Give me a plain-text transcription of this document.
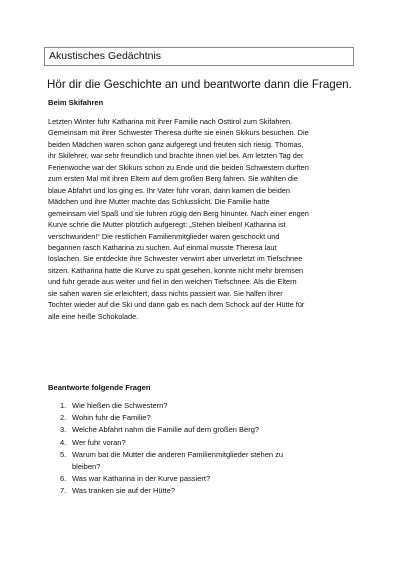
Akustisches Gedächtnis
Hör dir die Geschichte an und beantworte dann die Fragen.
Beim Skifahren
Letzten Winter fuhr Katharina mit ihrer Familie nach Osttirol zum Skifahren.
Gemeinsam mit ihrer Schwester Theresa durfte sie einen Skikurs besuchen. Die
beiden Mädchen waren schon ganz aufgeregt und freuten sich riesig. Thomas,
ihr Skilehrer, war sehr freundlich und brachte ihnen viel bei. Am letzten Tag der
Ferienwoche war der Skikurs schon zu Ende und die beiden Schwestern durften
zum ersten Mal mit ihren Eltern auf dem großen Berg fahren. Sie wählten die
blaue Abfahrt und los ging es. Ihr Vater fuhr voran, dann kamen die beiden
Mädchen und ihre Mutter machte das Schlusslicht. Die Familie hatte
gemeinsam viel Spaß und sie fuhren zügig den Berg hinunter. Nach einer engen
Kurve schrie die Mutter plötzlich aufgeregt: „Stehen bleiben! Katharina ist
verschwunden!“ Die restlichen Familienmitglieder waren geschockt und
begannen rasch Katharina zu suchen. Auf einmal musste Theresa laut
loslachen. Sie entdeckte ihre Schwester verwirrt aber unverletzt im Tiefschnee
sitzen. Katharina hatte die Kurve zu spät gesehen, konnte nicht mehr bremsen
und fuhr gerade aus weiter und fiel in den weichen Tiefschnee. Als die Eltern
sie sahen waren sie erleichtert, dass nichts passiert war. Sie halfen ihrer
Tochter wieder auf die Ski und dann gab es nach dem Schock auf der Hütte für
alle eine heiße Schokolade.
Beantworte folgende Fragen
1. Wie hießen die Schwestern?
2. Wohin fuhr die Familie?
3. Welche Abfahrt nahm die Familie auf dem großen Berg?
4. Wer fuhr voran?
5. Warum bat die Mutter die anderen Familienmitglieder stehen zu
bleiben?
6. Was war Katharina in der Kurve passiert?
7. Was tranken sie auf der Hütte?
